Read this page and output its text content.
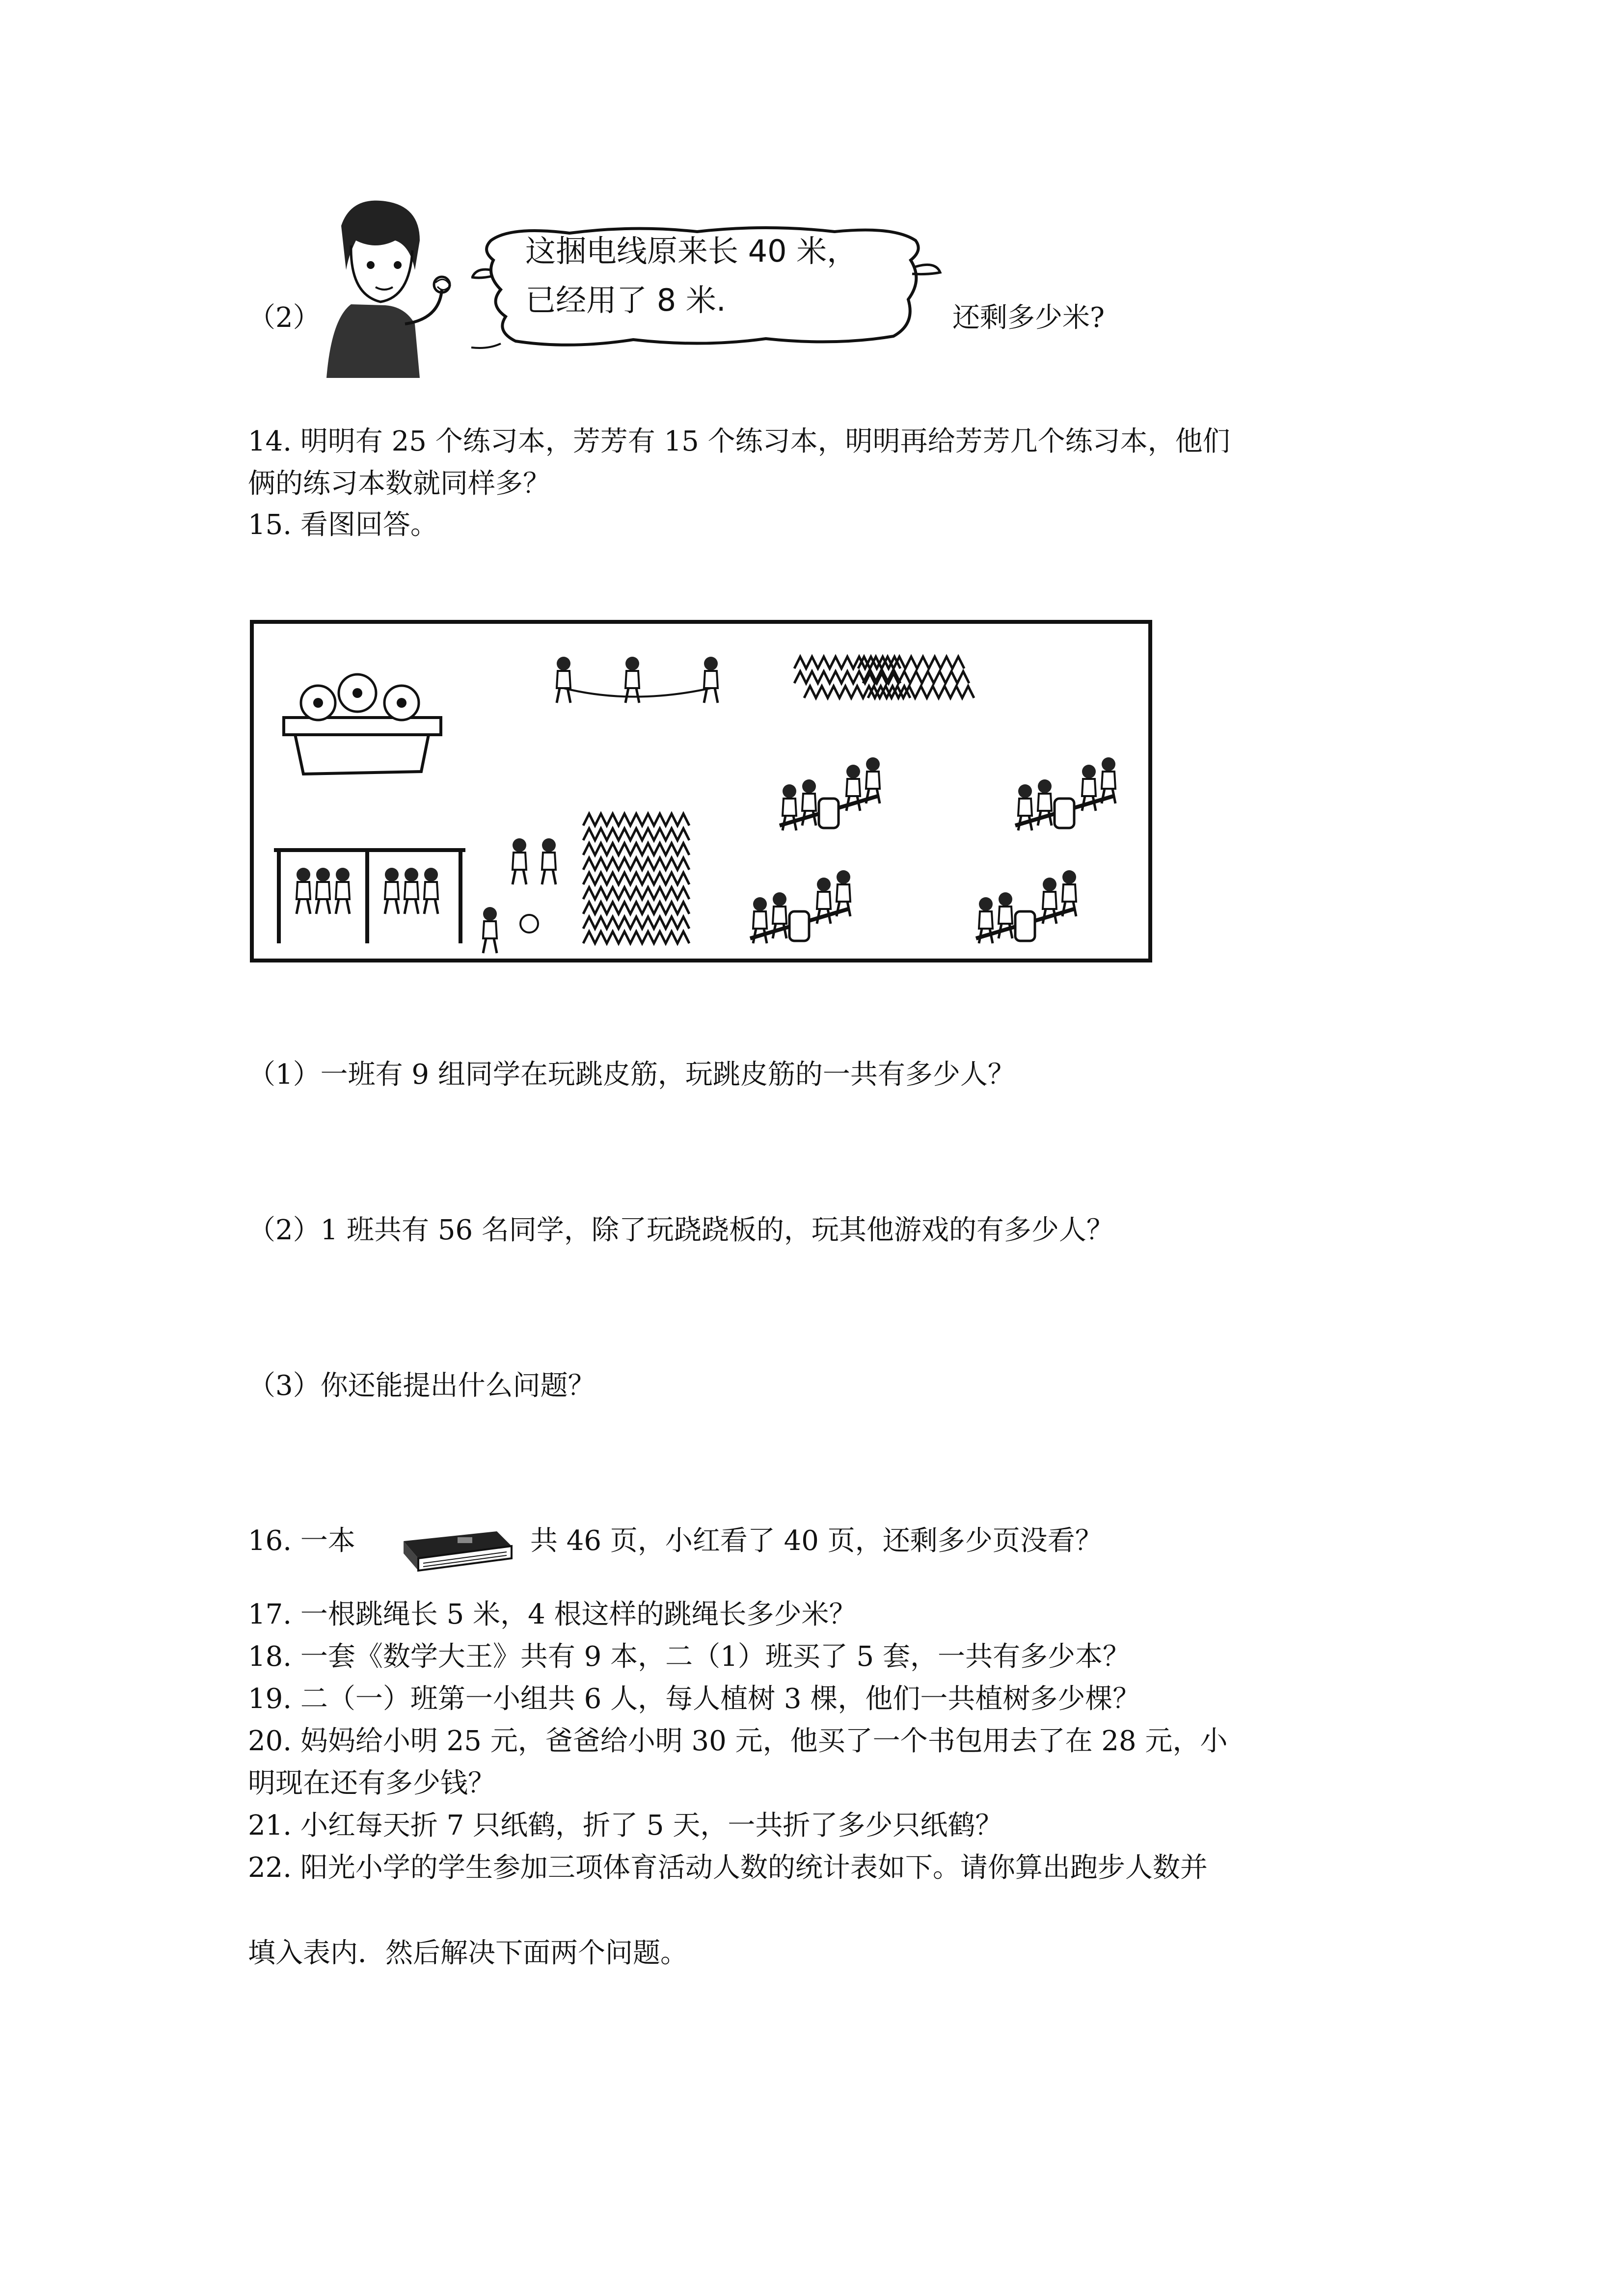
（2）
这捆电线原来长 40 米，
已经用了 8 米.	还剩多少米?
14. 明明有 25 个练习本，芳芳有 15 个练习本，明明再给芳芳几个练习本，他们
俩的练习本数就同样多？
15. 看图回答。
（1）一班有 9 组同学在玩跳皮筋，玩跳皮筋的一共有多少人？
（2）1 班共有 56 名同学，除了玩跷跷板的，玩其他游戏的有多少人？
（3）你还能提出什么问题？
16. 一本	共 46 页，小红看了 40 页，还剩多少页没看？
17. 一根跳绳长 5 米，4 根这样的跳绳长多少米？
18. 一套《数学大王》共有 9 本，二（1）班买了 5 套，一共有多少本？
19. 二（一）班第一小组共 6 人，每人植树 3 棵，他们一共植树多少棵？
20. 妈妈给小明 25 元，爸爸给小明 30 元，他买了一个书包用去了在 28 元，小
明现在还有多少钱？
21. 小红每天折 7 只纸鹤，折了 5 天，一共折了多少只纸鹤？
22. 阳光小学的学生参加三项体育活动人数的统计表如下。请你算出跑步人数并
填入表内．然后解决下面两个问题。
